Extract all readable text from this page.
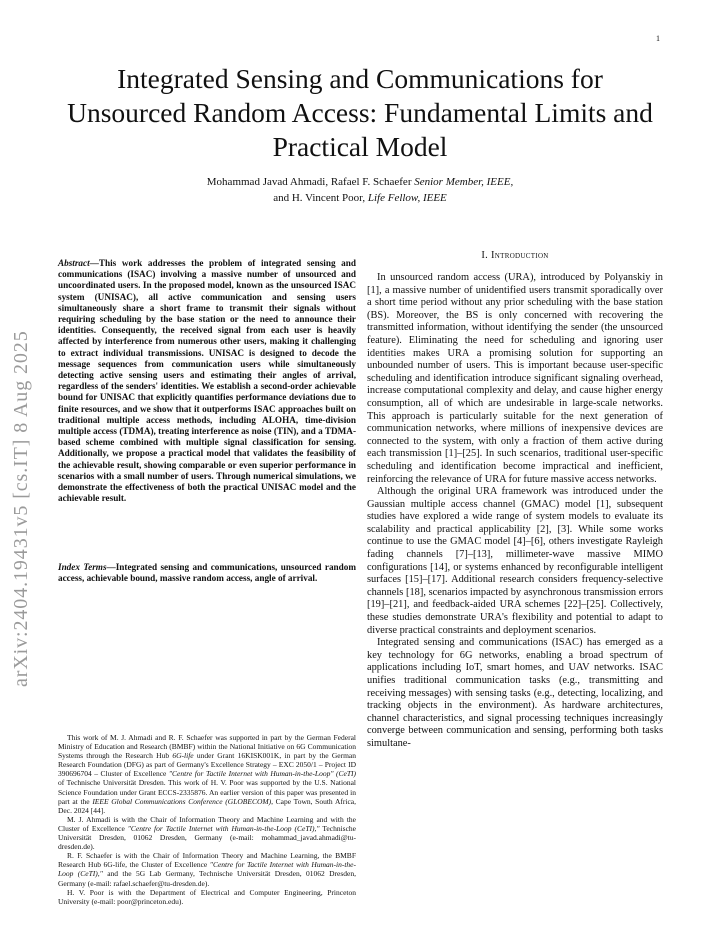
1
Integrated Sensing and Communications for Unsourced Random Access: Fundamental Limits and Practical Model
Mohammad Javad Ahmadi, Rafael F. Schaefer Senior Member, IEEE,
and H. Vincent Poor, Life Fellow, IEEE
arXiv:2404.19431v5 [cs.IT] 8 Aug 2025
Abstract—This work addresses the problem of integrated sensing and communications (ISAC) involving a massive number of unsourced and uncoordinated users. In the proposed model, known as the unsourced ISAC system (UNISAC), all active communication and sensing users simultaneously share a short frame to transmit their signals without requiring scheduling by the base station or the need to announce their identities. Consequently, the received signal from each user is heavily affected by interference from numerous other users, making it challenging to extract individual transmissions. UNISAC is designed to decode the message sequences from communication users while simultaneously detecting active sensing users and estimating their angles of arrival, regardless of the senders' identities. We establish a second-order achievable bound for UNISAC that explicitly quantifies performance deviations due to finite resources, and we show that it outperforms ISAC approaches built on traditional multiple access methods, including ALOHA, time-division multiple access (TDMA), treating interference as noise (TIN), and a TDMA-based scheme combined with multiple signal classification for sensing. Additionally, we propose a practical model that validates the feasibility of the achievable result, showing comparable or even superior performance in scenarios with a small number of users. Through numerical simulations, we demonstrate the effectiveness of both the practical UNISAC model and the achievable result.
Index Terms—Integrated sensing and communications, unsourced random access, achievable bound, massive random access, angle of arrival.

This work of M. J. Ahmadi and R. F. Schaefer was supported in part by the German Federal Ministry of Education and Research (BMBF) within the National Initiative on 6G Communication Systems through the Research Hub 6G-life under Grant 16KISK001K, in part by the German Research Foundation (DFG) as part of Germany's Excellence Strategy – EXC 2050/1 – Project ID 390696704 – Cluster of Excellence "Centre for Tactile Internet with Human-in-the-Loop" (CeTI) of Technische Universität Dresden. This work of H. V. Poor was supported by the U.S. National Science Foundation under Grant ECCS-2335876. An earlier version of this paper was presented in part at the IEEE Global Communications Conference (GLOBECOM), Cape Town, South Africa, Dec. 2024 [44].

M. J. Ahmadi is with the Chair of Information Theory and Machine Learning and with the Cluster of Excellence "Centre for Tactile Internet with Human-in-the-Loop (CeTI)," Technische Universität Dresden, 01062 Dresden, Germany (e-mail: mohammad_javad.ahmadi@tu-dresden.de).

R. F. Schaefer is with the Chair of Information Theory and Machine Learning, the BMBF Research Hub 6G-life, the Cluster of Excellence "Centre for Tactile Internet with Human-in-the-Loop (CeTI)," and the 5G Lab Germany, Technische Universität Dresden, 01062 Dresden, Germany (e-mail: rafael.schaefer@tu-dresden.de).

H. V. Poor is with the Department of Electrical and Computer Engineering, Princeton University (e-mail: poor@princeton.edu).

I. Introduction

In unsourced random access (URA), introduced by Polyanskiy in [1], a massive number of unidentified users transmit sporadically over a short time period without any prior scheduling with the base station (BS). Moreover, the BS is only concerned with recovering the transmitted information, without identifying the sender (the unsourced feature). Eliminating the need for scheduling and ignoring user identities makes URA a promising solution for supporting an unbounded number of users. This is important because user-specific scheduling and identification introduce significant signaling overhead, increase computational complexity and delay, and cause higher energy consumption, all of which are undesirable in large-scale networks. This approach is particularly suitable for the next generation of communication networks, where millions of inexpensive devices are connected to the system, with only a fraction of them active during each transmission [1]–[25]. In such scenarios, traditional user-specific scheduling and identification become impractical and inefficient, reinforcing the relevance of URA for future massive access networks.

Although the original URA framework was introduced under the Gaussian multiple access channel (GMAC) model [1], subsequent studies have explored a wide range of system models to evaluate its scalability and practical applicability [2], [3]. While some works continue to use the GMAC model [4]–[6], others investigate Rayleigh fading channels [7]–[13], millimeter-wave massive MIMO configurations [14], or systems enhanced by reconfigurable intelligent surfaces [15]–[17]. Additional research considers frequency-selective channels [18], scenarios impacted by asynchronous transmission errors [19]–[21], and feedback-aided URA schemes [22]–[25]. Collectively, these studies demonstrate URA's flexibility and potential to adapt to diverse practical constraints and deployment scenarios.

Integrated sensing and communications (ISAC) has emerged as a key technology for 6G networks, enabling a broad spectrum of applications including IoT, smart homes, and UAV networks. ISAC unifies traditional communication tasks (e.g., transmitting and receiving messages) with sensing tasks (e.g., detecting, localizing, and tracking objects in the environment). As hardware architectures, channel characteristics, and signal processing techniques increasingly converge between communication and sensing, performing both tasks simultane-
